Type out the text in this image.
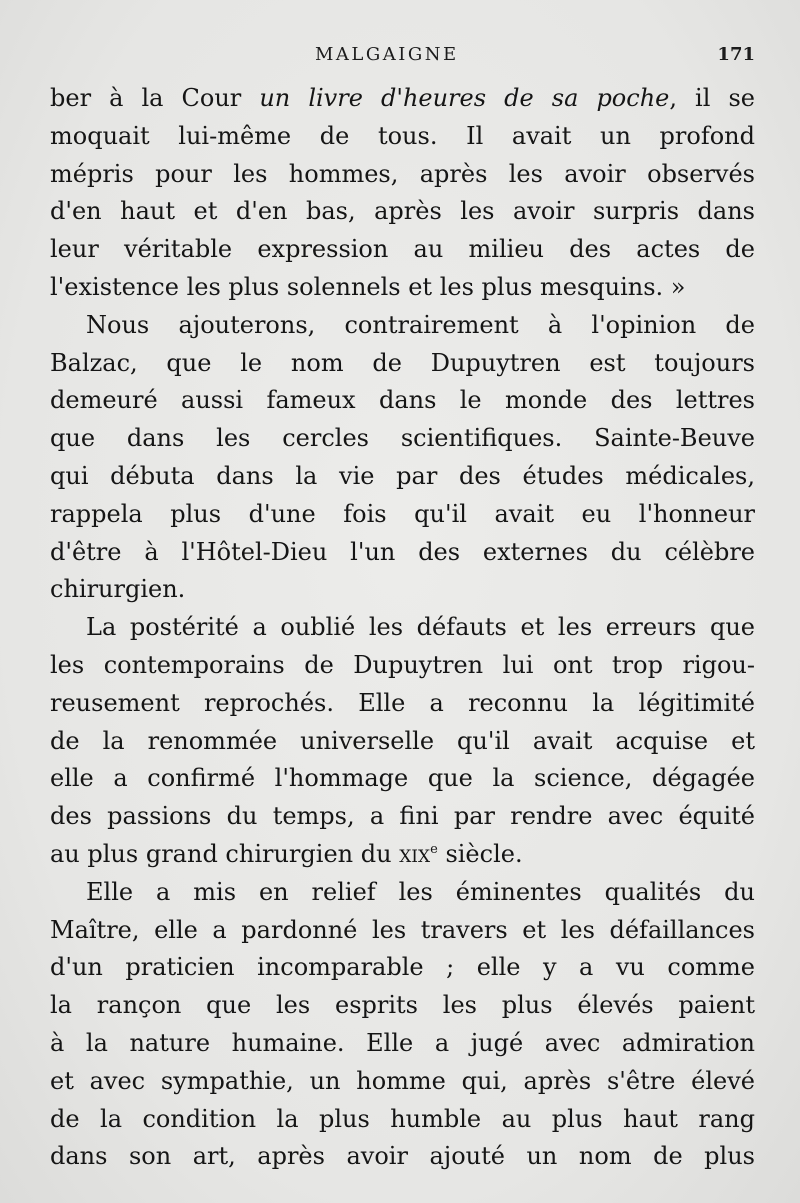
MALGAIGNE	171
ber à la Cour un livre d'heures de sa poche, il se
moquait lui-même de tous. Il avait un profond
mépris pour les hommes, après les avoir observés
d'en haut et d'en bas, après les avoir surpris dans
leur véritable expression au milieu des actes de
l'existence les plus solennels et les plus mesquins. »
Nous ajouterons, contrairement à l'opinion de
Balzac, que le nom de Dupuytren est toujours
demeuré aussi fameux dans le monde des lettres
que dans les cercles scientifiques. Sainte-Beuve
qui débuta dans la vie par des études médicales,
rappela plus d'une fois qu'il avait eu l'honneur
d'être à l'Hôtel-Dieu l'un des externes du célèbre
chirurgien.
La postérité a oublié les défauts et les erreurs que
les contemporains de Dupuytren lui ont trop rigou-
reusement reprochés. Elle a reconnu la légitimité
de la renommée universelle qu'il avait acquise et
elle a confirmé l'hommage que la science, dégagée
des passions du temps, a fini par rendre avec équité
au plus grand chirurgien du xix$^e$ siècle.
Elle a mis en relief les éminentes qualités du
Maître, elle a pardonné les travers et les défaillances
d'un praticien incomparable ; elle y a vu comme
la rançon que les esprits les plus élevés paient
à la nature humaine. Elle a jugé avec admiration
et avec sympathie, un homme qui, après s'être élevé
de la condition la plus humble au plus haut rang
dans son art, après avoir ajouté un nom de plus
